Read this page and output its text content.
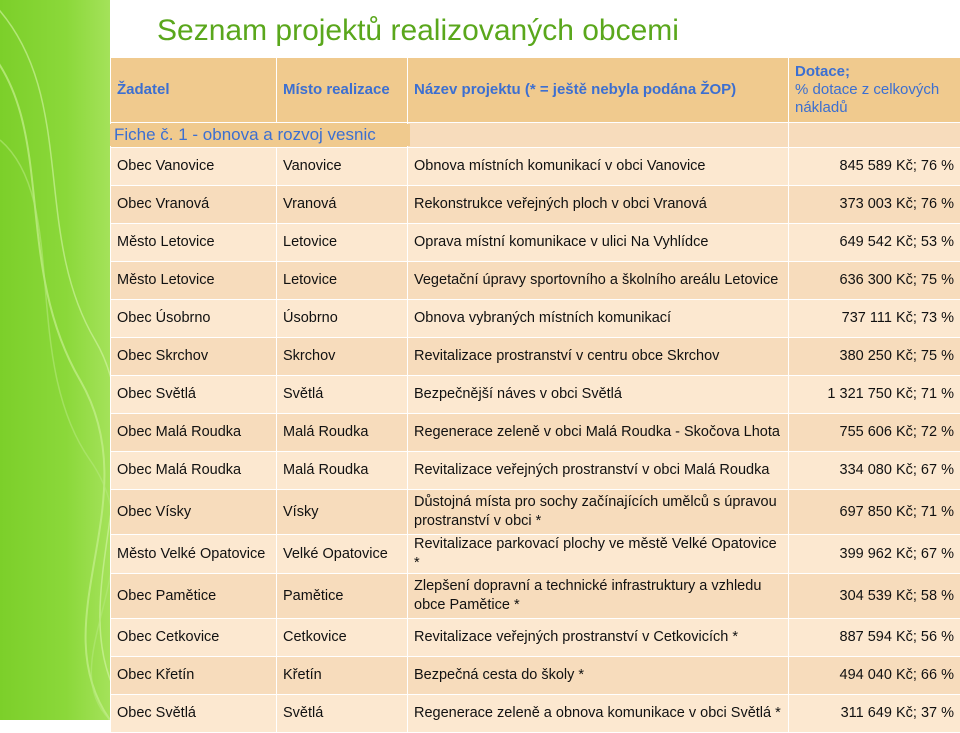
Seznam projektů realizovaných obcemi
Žadatel	Místo realizace	Název projektu (* = ještě nebyla podána ŽOP)	Dotace;
% dotace z celkových nákladů

Obec Vanovice	Vanovice	Obnova místních komunikací v obci Vanovice	845 589 Kč; 76 %
Obec Vranová	Vranová	Rekonstrukce veřejných ploch v obci Vranová	373 003 Kč; 76 %
Město Letovice	Letovice	Oprava místní komunikace v ulici Na Vyhlídce	649 542 Kč; 53 %
Město Letovice	Letovice	Vegetační úpravy sportovního a školního areálu Letovice	636 300 Kč; 75 %
Obec Úsobrno	Úsobrno	Obnova vybraných místních komunikací	737 111 Kč; 73 %
Obec Skrchov	Skrchov	Revitalizace prostranství v centru obce Skrchov	380 250 Kč; 75 %
Obec Světlá	Světlá	Bezpečnější náves v obci Světlá	1 321 750 Kč; 71 %
Obec Malá Roudka	Malá Roudka	Regenerace zeleně v obci Malá Roudka - Skočova Lhota	755 606 Kč; 72 %
Obec Malá Roudka	Malá Roudka	Revitalizace veřejných prostranství v obci Malá Roudka	334 080 Kč; 67 %
Obec Vísky	Vísky	Důstojná místa pro sochy začínajících umělců s úpravou prostranství v obci *	697 850 Kč; 71 %
Město Velké Opatovice	Velké Opatovice	Revitalizace parkovací plochy ve městě Velké Opatovice *	399 962 Kč; 67 %
Obec Pamětice	Pamětice	Zlepšení dopravní a technické infrastruktury a vzhledu obce Pamětice *	304 539 Kč; 58 %
Obec Cetkovice	Cetkovice	Revitalizace veřejných prostranství v Cetkovicích *	887 594 Kč; 56 %
Obec Křetín	Křetín	Bezpečná cesta do školy *	494 040 Kč; 66 %
Obec Světlá	Světlá	Regenerace zeleně a obnova komunikace v obci Světlá *	311 649 Kč; 37 %
Fiche č. 1 - obnova a rozvoj vesnic
